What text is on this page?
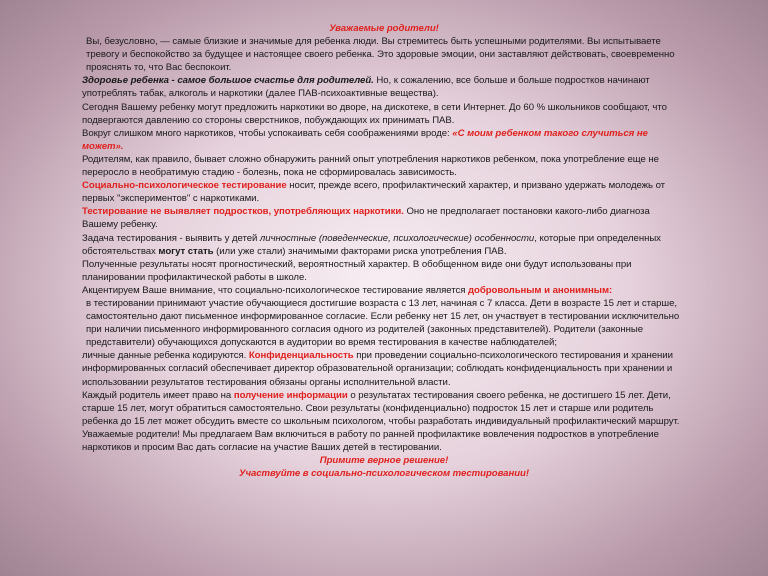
Уважаемые родители!

Вы, безусловно, — самые близкие и значимые для ребенка люди. Вы стремитесь быть успешными родителями. Вы испытываете тревогу и беспокойство за будущее и настоящее своего ребенка. Это здоровые эмоции, они заставляют действовать, своевременно прояснять то, что Вас беспокоит.

Здоровье ребенка - самое большое счастье для родителей. Но, к сожалению, все больше и больше подростков начинают употреблять табак, алкоголь и наркотики (далее ПАВ-психоактивные вещества).

Сегодня Вашему ребенку могут предложить наркотики во дворе, на дискотеке, в сети Интернет. До 60 % школьников сообщают, что подвергаются давлению со стороны сверстников, побуждающих их принимать ПАВ.

Вокруг слишком много наркотиков, чтобы успокаивать себя соображениями вроде: «С моим ребенком такого случиться не может».

Родителям, как правило, бывает сложно обнаружить ранний опыт употребления наркотиков ребенком, пока употребление еще не переросло в необратимую стадию - болезнь, пока не сформировалась зависимость.

Социально-психологическое тестирование носит, прежде всего, профилактический характер, и призвано удержать молодежь от первых "экспериментов" с наркотиками.

Тестирование не выявляет подростков, употребляющих наркотики. Оно не предполагает постановки какого-либо диагноза Вашему ребенку.

Задача тестирования - выявить у детей личностные (поведенческие, психологические) особенности, которые при определенных обстоятельствах могут стать (или уже стали) значимыми факторами риска употребления ПАВ.

Полученные результаты носят прогностический, вероятностный характер. В обобщенном виде они будут использованы при планировании профилактической работы в школе.

Акцентируем Ваше внимание, что социально-психологическое тестирование является добровольным и анонимным:

в тестировании принимают участие обучающиеся достигшие возраста с 13 лет, начиная с 7 класса. Дети в возрасте 15 лет и старше, самостоятельно дают письменное информированное согласие. Если ребенку нет 15 лет, он участвует в тестировании исключительно при наличии письменного информированного согласия одного из родителей (законных представителей). Родители (законные представители) обучающихся допускаются в аудитории во время тестирования в качестве наблюдателей;

личные данные ребенка кодируются. Конфиденциальность при проведении социально-психологического тестирования и хранении информированных согласий обеспечивает директор образовательной организации; соблюдать конфиденциальность при хранении и использовании результатов тестирования обязаны органы исполнительной власти.

Каждый родитель имеет право на получение информации о результатах тестирования своего ребенка, не достигшего 15 лет. Дети, старше 15 лет, могут обратиться самостоятельно. Свои результаты (конфиденциально) подросток 15 лет и старше или родитель ребенка до 15 лет может обсудить вместе со школьным психологом, чтобы разработать индивидуальный профилактический маршрут.

Уважаемые родители! Мы предлагаем Вам включиться в работу по ранней профилактике вовлечения подростков в употребление наркотиков и просим Вас дать согласие на участие Ваших детей в тестировании.

Примите верное решение!
Участвуйте в социально-психологическом тестировании!
